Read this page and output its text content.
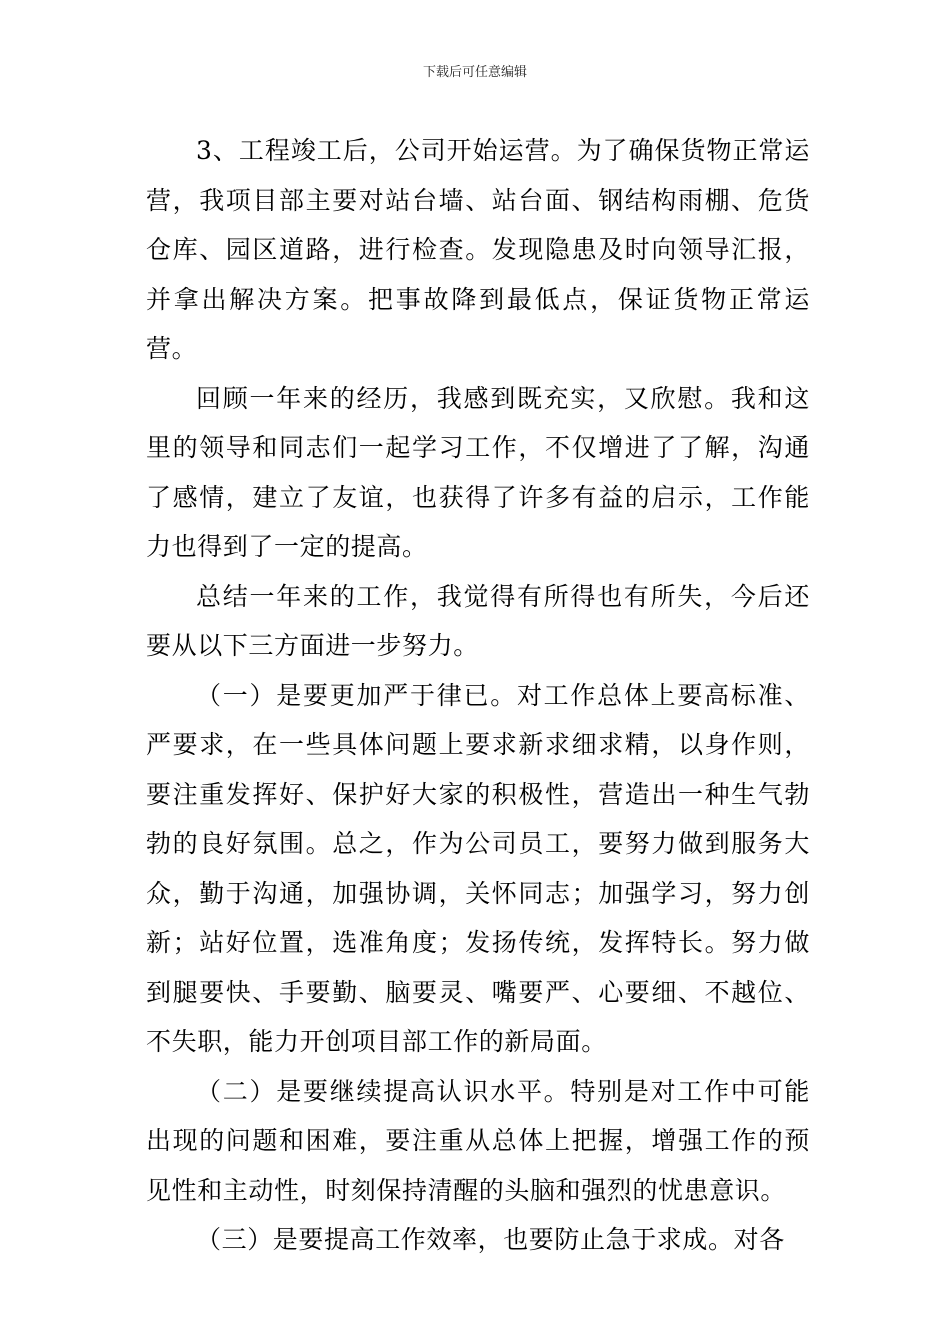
下载后可任意编辑

3、工程竣工后，公司开始运营。为了确保货物正常运营，我项目部主要对站台墙、站台面、钢结构雨棚、危货仓库、园区道路，进行检查。发现隐患及时向领导汇报，并拿出解决方案。把事故降到最低点，保证货物正常运营。

回顾一年来的经历，我感到既充实，又欣慰。我和这里的领导和同志们一起学习工作，不仅增进了了解，沟通了感情，建立了友谊，也获得了许多有益的启示，工作能力也得到了一定的提高。

总结一年来的工作，我觉得有所得也有所失，今后还要从以下三方面进一步努力。

（一）是要更加严于律已。对工作总体上要高标准、严要求，在一些具体问题上要求新求细求精，以身作则，要注重发挥好、保护好大家的积极性，营造出一种生气勃勃的良好氛围。总之，作为公司员工，要努力做到服务大众，勤于沟通，加强协调，关怀同志；加强学习，努力创新；站好位置，选准角度；发扬传统，发挥特长。努力做到腿要快、手要勤、脑要灵、嘴要严、心要细、不越位、不失职，能力开创项目部工作的新局面。

（二）是要继续提高认识水平。特别是对工作中可能出现的问题和困难，要注重从总体上把握，增强工作的预见性和主动性，时刻保持清醒的头脑和强烈的忧患意识。

（三）是要提高工作效率，也要防止急于求成。对各
